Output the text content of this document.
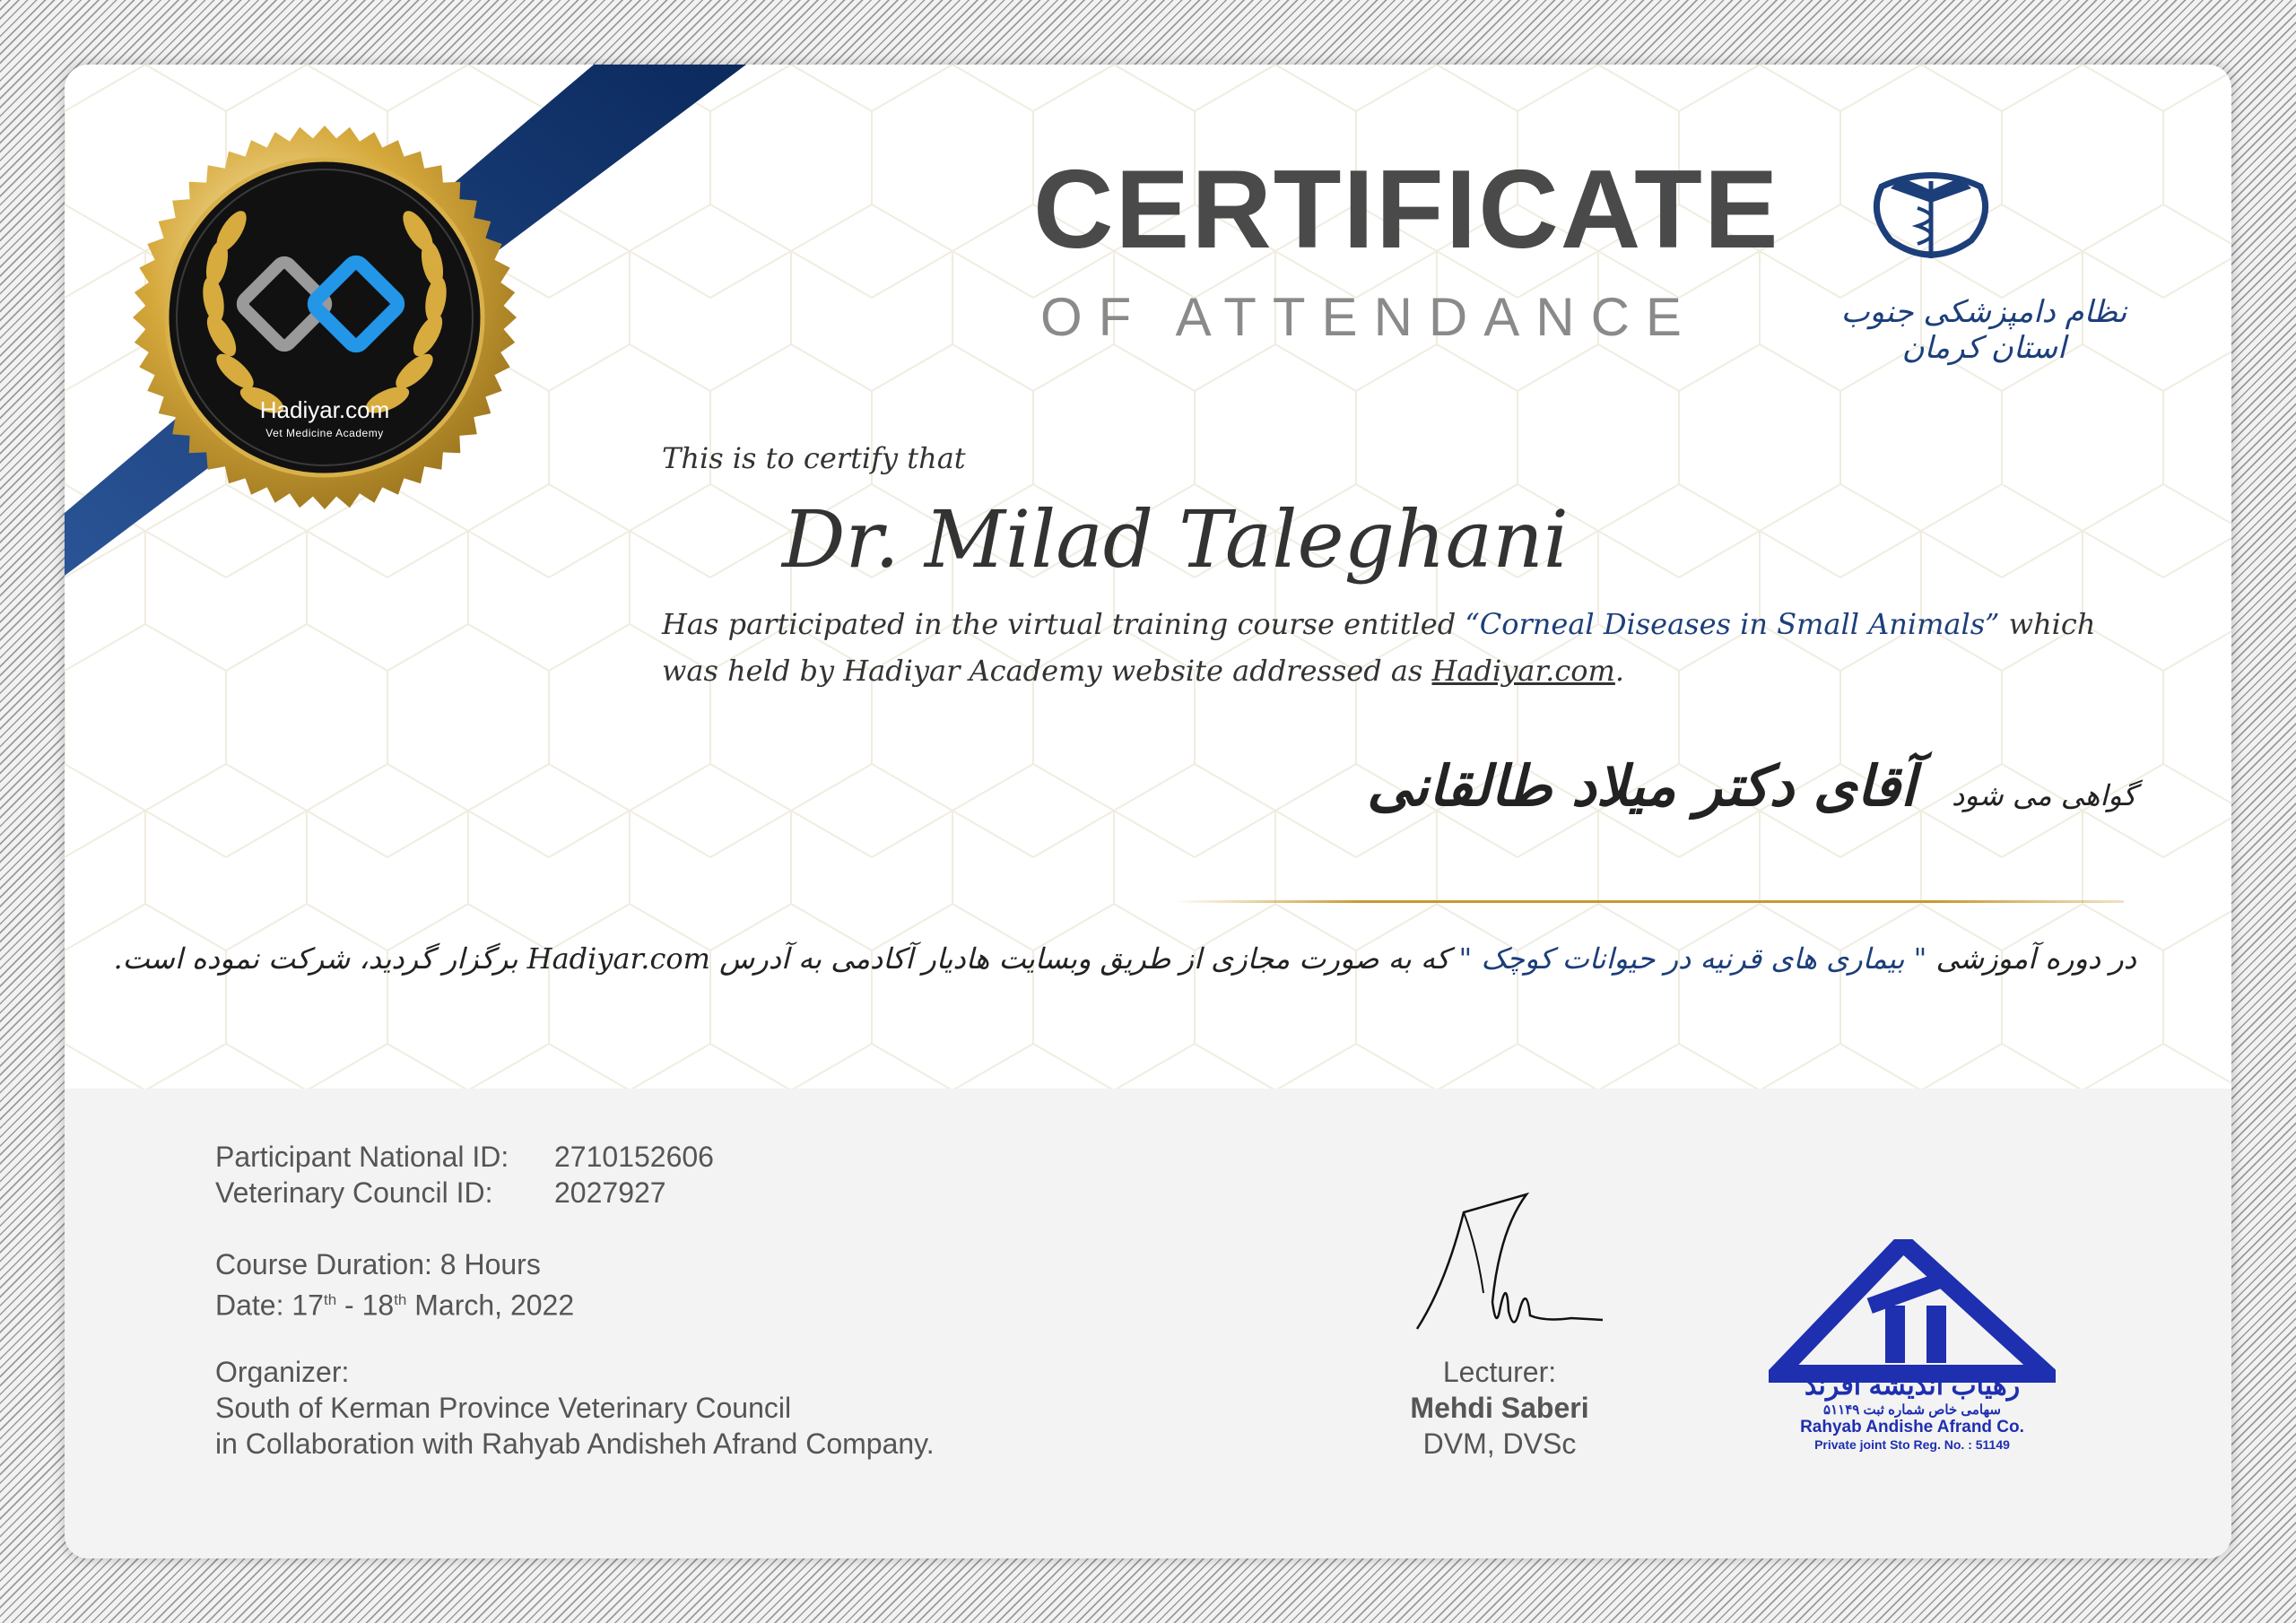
Hadiyar.com
Vet Medicine Academy
CERTIFICATE
OF ATTENDANCE	نظام دامپزشکی جنوب استان کرمان
This is to certify that
Dr. Milad Taleghani
Has participated in the virtual training course entitled “Corneal Diseases in Small Animals” which was held by Hadiyar Academy website addressed as Hadiyar.com.
گواهی می شودآقای دکتر میلاد طالقانی
در دوره آموزشی " بیماری های قرنیه در حیوانات کوچک " که به صورت مجازی از طریق وبسایت هادیار آکادمی به آدرس Hadiyar.com برگزار گردید، شرکت نموده است.
Participant National ID: 2710152606
Veterinary Council ID: 2027927
Course Duration: 8 Hours
Date: 17th - 18th March, 2022
Organizer:
South of Kerman Province Veterinary Council
in Collaboration with Rahyab Andisheh Afrand Company.
Lecturer:
Mehdi Saberi
DVM, DVSc
رهیاب اندیشه افرند
سهامی خاص شماره ثبت ۵۱۱۴۹
Rahyab Andishe Afrand Co.
Private joint Sto Reg. No. : 51149
